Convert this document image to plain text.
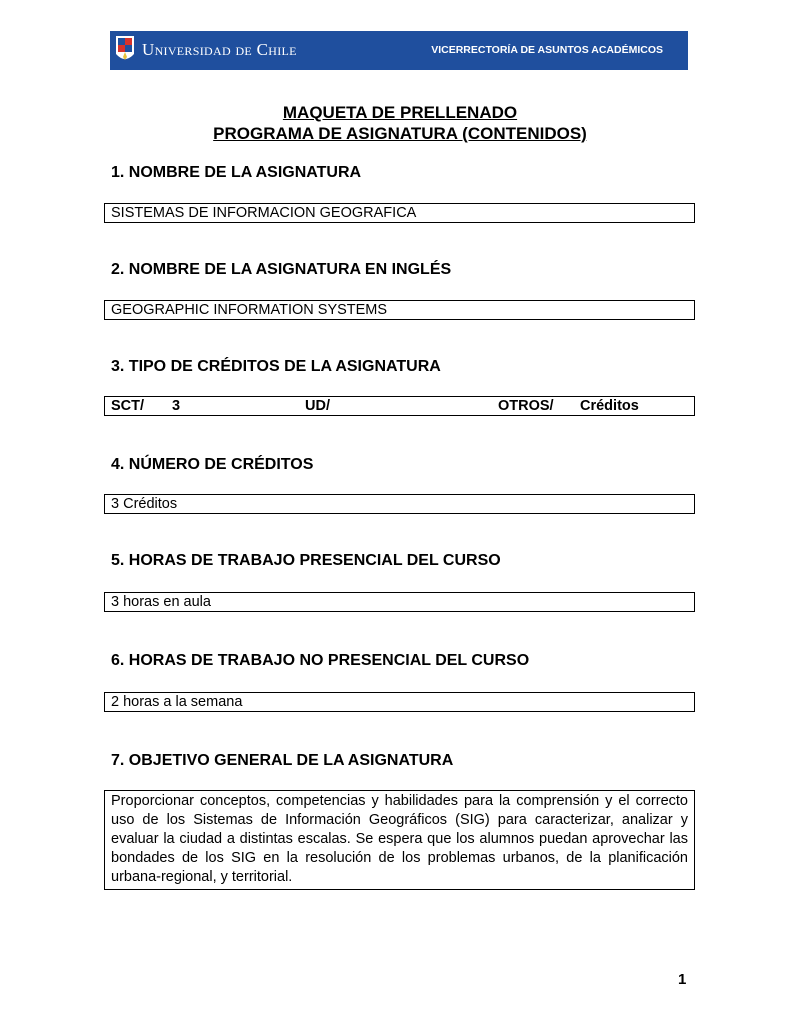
Universidad de Chile	VICERRECTORÍA DE ASUNTOS ACADÉMICOS
MAQUETA DE PRELLENADO
PROGRAMA DE ASIGNATURA (CONTENIDOS)
1. NOMBRE DE LA ASIGNATURA
SISTEMAS DE INFORMACION GEOGRAFICA
2. NOMBRE DE LA ASIGNATURA EN INGLÉS
GEOGRAPHIC INFORMATION SYSTEMS
3. TIPO DE CRÉDITOS DE LA ASIGNATURA
SCT/ 3	UD/	OTROS/ Créditos
4. NÚMERO DE CRÉDITOS
3 Créditos
5. HORAS DE TRABAJO PRESENCIAL DEL CURSO
3 horas en aula
6. HORAS DE TRABAJO NO PRESENCIAL DEL CURSO
2 horas a la semana
7. OBJETIVO GENERAL DE LA ASIGNATURA
Proporcionar conceptos, competencias y habilidades para la comprensión y el correcto uso de los Sistemas de Información Geográficos (SIG) para caracterizar, analizar y evaluar la ciudad a distintas escalas. Se espera que los alumnos puedan aprovechar las bondades de los SIG en la resolución de los problemas urbanos, de la planificación urbana-regional, y territorial.
1
